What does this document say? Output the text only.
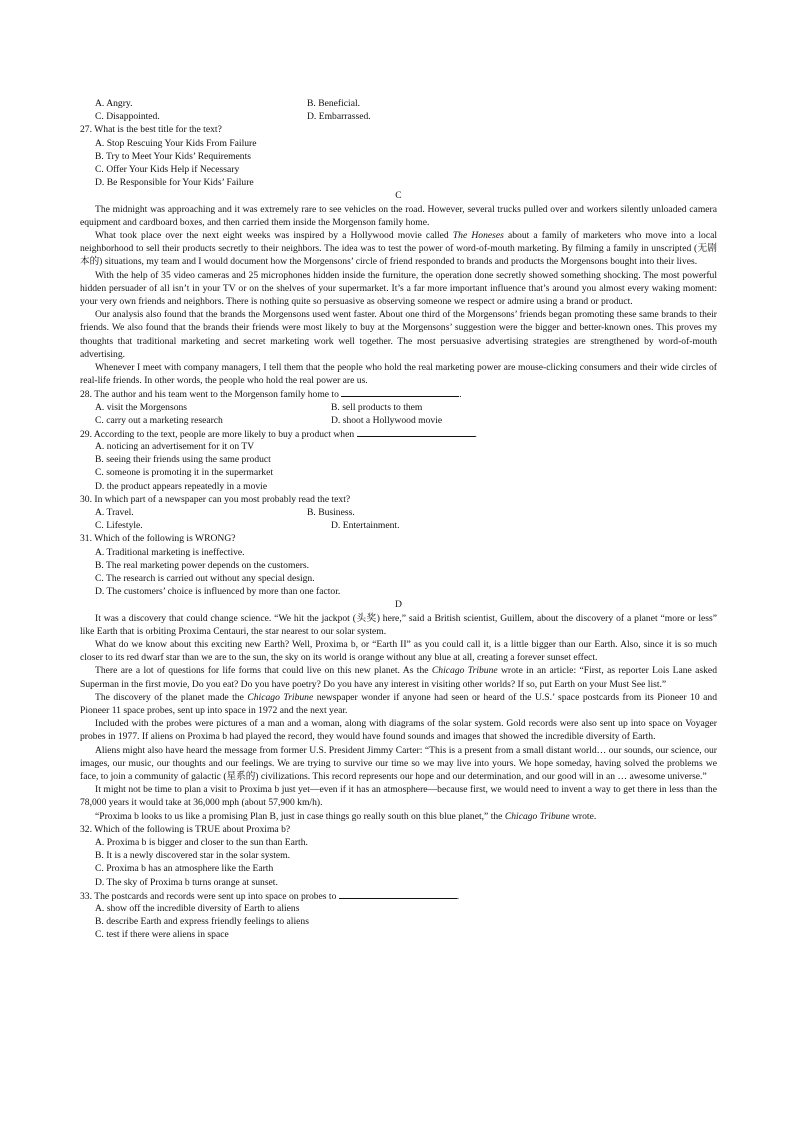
A. Angry.	B. Beneficial.
C. Disappointed.	D. Embarrassed.
27. What is the best title for the text?
A. Stop Rescuing Your Kids From Failure
B. Try to Meet Your Kids’ Requirements
C. Offer Your Kids Help if Necessary
D. Be Responsible for Your Kids’ Failure
C

The midnight was approaching and it was extremely rare to see vehicles on the road. However, several trucks pulled over and workers silently unloaded camera equipment and cardboard boxes, and then carried them inside the Morgenson family home.

What took place over the next eight weeks was inspired by a Hollywood movie called The Honeses about a family of marketers who move into a local neighborhood to sell their products secretly to their neighbors. The idea was to test the power of word-of-mouth marketing. By filming a family in unscripted (无剧本的) situations, my team and I would document how the Morgensons’ circle of friend responded to brands and products the Morgensons bought into their lives.

With the help of 35 video cameras and 25 microphones hidden inside the furniture, the operation done secretly showed something shocking. The most powerful hidden persuader of all isn’t in your TV or on the shelves of your supermarket. It’s a far more important influence that’s around you almost every waking moment: your very own friends and neighbors. There is nothing quite so persuasive as observing someone we respect or admire using a brand or product.

Our analysis also found that the brands the Morgensons used went faster. About one third of the Morgensons’ friends began promoting these same brands to their friends. We also found that the brands their friends were most likely to buy at the Morgensons’ suggestion were the bigger and better-known ones. This proves my thoughts that traditional marketing and secret marketing work well together. The most persuasive advertising strategies are strengthened by word-of-mouth advertising.

Whenever I meet with company managers, I tell them that the people who hold the real marketing power are mouse-clicking consumers and their wide circles of real-life friends. In other words, the people who hold the real power are us.

28. The author and his team went to the Morgenson family home to	.
A. visit the Morgensons	B. sell products to them
C. carry out a marketing research	D. shoot a Hollywood movie
29. According to the text, people are more likely to buy a product when	.
A. noticing an advertisement for it on TV
B. seeing their friends using the same product
C. someone is promoting it in the supermarket
D. the product appears repeatedly in a movie
30. In which part of a newspaper can you most probably read the text?
A. Travel.	B. Business.
C. Lifestyle.	D. Entertainment.
31. Which of the following is WRONG?
A. Traditional marketing is ineffective.
B. The real marketing power depends on the customers.
C. The research is carried out without any special design.
D. The customers’ choice is influenced by more than one factor.
D

It was a discovery that could change science. “We hit the jackpot (头奖) here,” said a British scientist, Guillem, about the discovery of a planet “more or less” like Earth that is orbiting Proxima Centauri, the star nearest to our solar system.

What do we know about this exciting new Earth? Well, Proxima b, or “Earth II” as you could call it, is a little bigger than our Earth. Also, since it is so much closer to its red dwarf star than we are to the sun, the sky on its world is orange without any blue at all, creating a forever sunset effect.

There are a lot of questions for life forms that could live on this new planet. As the Chicago Tribune wrote in an article: “First, as reporter Lois Lane asked Superman in the first movie, Do you eat? Do you have poetry? Do you have any interest in visiting other worlds? If so, put Earth on your Must See list.”

The discovery of the planet made the Chicago Tribune newspaper wonder if anyone had seen or heard of the U.S.’ space postcards from its Pioneer 10 and Pioneer 11 space probes, sent up into space in 1972 and the next year.

Included with the probes were pictures of a man and a woman, along with diagrams of the solar system. Gold records were also sent up into space on Voyager probes in 1977. If aliens on Proxima b had played the record, they would have found sounds and images that showed the incredible diversity of Earth.

Aliens might also have heard the message from former U.S. President Jimmy Carter: “This is a present from a small distant world… our sounds, our science, our images, our music, our thoughts and our feelings. We are trying to survive our time so we may live into yours. We hope someday, having solved the problems we face, to join a community of galactic (星系的) civilizations. This record represents our hope and our determination, and our good will in an … awesome universe.”

It might not be time to plan a visit to Proxima b just yet—even if it has an atmosphere—because first, we would need to invent a way to get there in less than the 78,000 years it would take at 36,000 mph (about 57,900 km/h).

“Proxima b looks to us like a promising Plan B, just in case things go really south on this blue planet,” the Chicago Tribune wrote.

32. Which of the following is TRUE about Proxima b?
A. Proxima b is bigger and closer to the sun than Earth.
B. It is a newly discovered star in the solar system.
C. Proxima b has an atmosphere like the Earth
D. The sky of Proxima b turns orange at sunset.
33. The postcards and records were sent up into space on probes to	.
A. show off the incredible diversity of Earth to aliens
B. describe Earth and express friendly feelings to aliens
C. test if there were aliens in space
